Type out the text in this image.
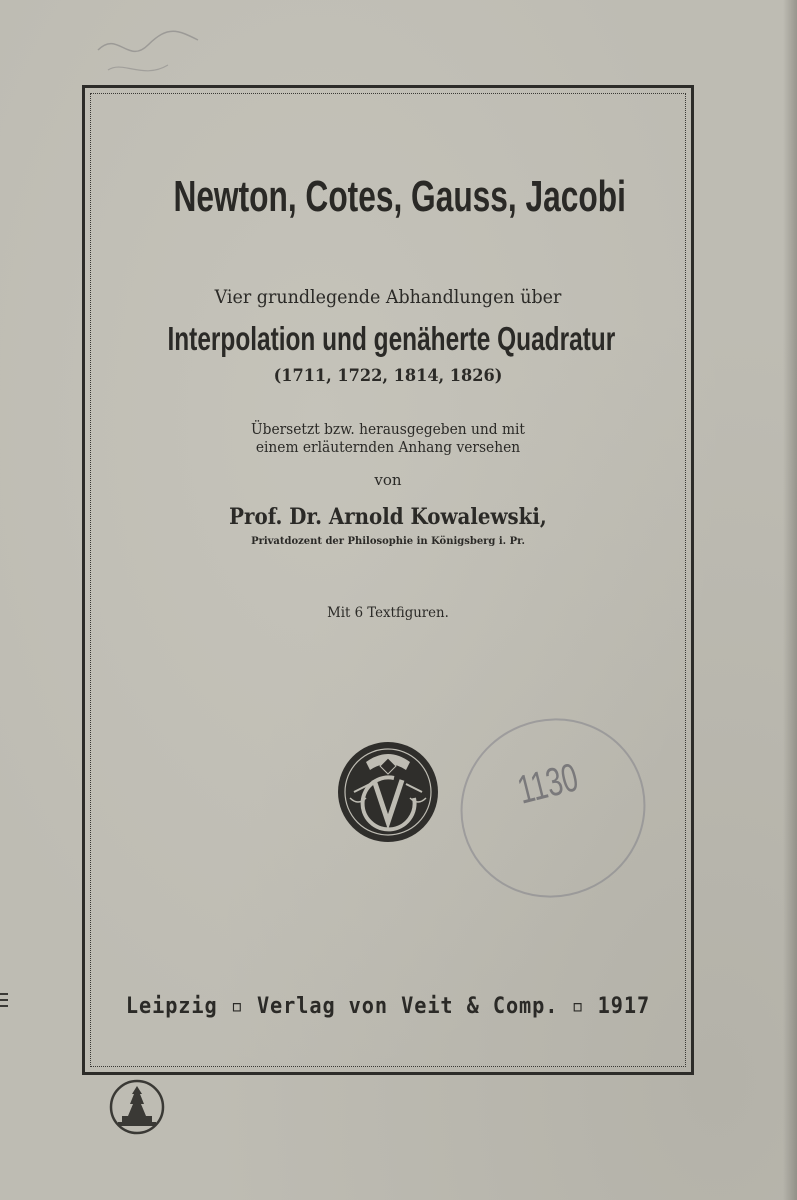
Newton, Cotes, Gauss, Jacobi
Vier grundlegende Abhandlungen über
Interpolation und genäherte Quadratur
(1711, 1722, 1814, 1826)
Übersetzt bzw. herausgegeben und mit
einem erläuternden Anhang versehen
von
Prof. Dr. Arnold Kowalewski,
Privatdozent der Philosophie in Königsberg i. Pr.
Mit 6 Textfiguren.
1130
Leipzig ▫ Verlag von Veit & Comp. ▫ 1917
